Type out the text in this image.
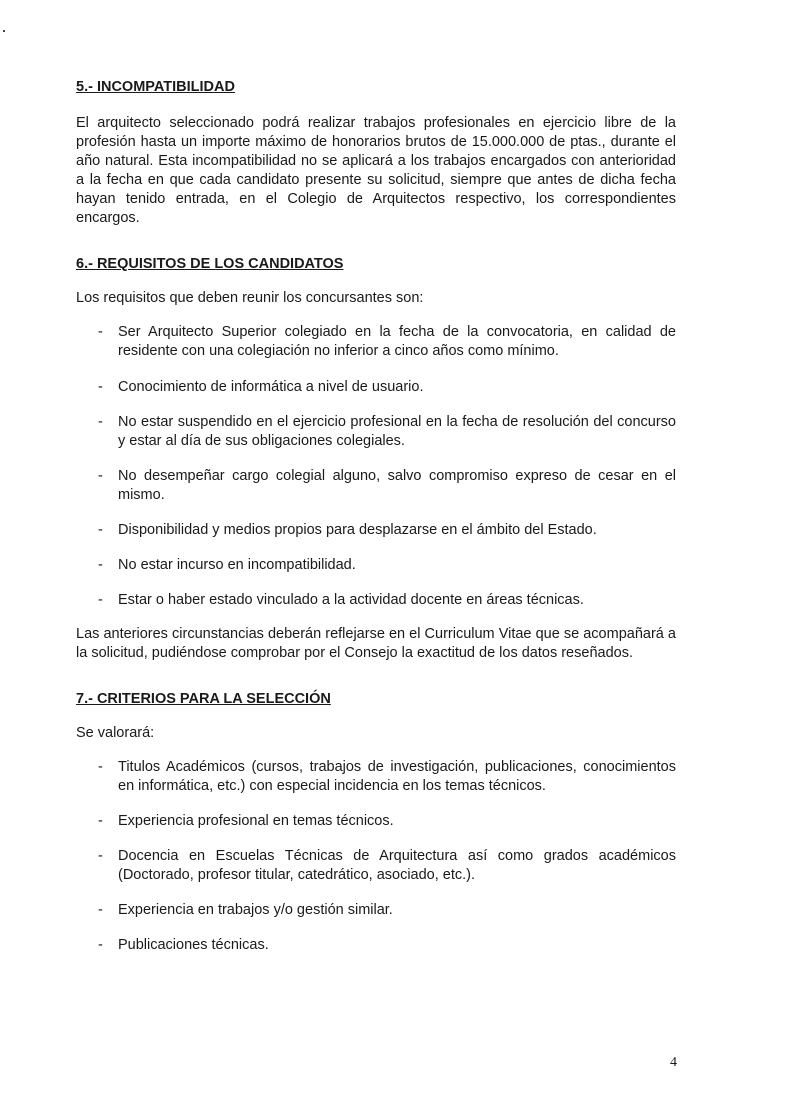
5.- INCOMPATIBILIDAD

El arquitecto seleccionado podrá realizar trabajos profesionales en ejercicio libre de la profesión hasta un importe máximo de honorarios brutos de 15.000.000 de ptas., durante el año natural. Esta incompatibilidad no se aplicará a los trabajos encargados con anterioridad a la fecha en que cada candidato presente su solicitud, siempre que antes de dicha fecha hayan tenido entrada, en el Colegio de Arquitectos respectivo, los correspondientes encargos.

6.- REQUISITOS DE LOS CANDIDATOS

Los requisitos que deben reunir los concursantes son:

- Ser Arquitecto Superior colegiado en la fecha de la convocatoria, en calidad de residente con una colegiación no inferior a cinco años como mínimo.
- Conocimiento de informática a nivel de usuario.
- No estar suspendido en el ejercicio profesional en la fecha de resolución del concurso y estar al día de sus obligaciones colegiales.
- No desempeñar cargo colegial alguno, salvo compromiso expreso de cesar en el mismo.
- Disponibilidad y medios propios para desplazarse en el ámbito del Estado.
- No estar incurso en incompatibilidad.
- Estar o haber estado vinculado a la actividad docente en áreas técnicas.

Las anteriores circunstancias deberán reflejarse en el Curriculum Vitae que se acompañará a la solicitud, pudiéndose comprobar por el Consejo la exactitud de los datos reseñados.

7.- CRITERIOS PARA LA SELECCIÓN

Se valorará:

- Titulos Académicos (cursos, trabajos de investigación, publicaciones, conocimientos en informática, etc.) con especial incidencia en los temas técnicos.
- Experiencia profesional en temas técnicos.
- Docencia en Escuelas Técnicas de Arquitectura así como grados académicos (Doctorado, profesor titular, catedrático, asociado, etc.).
- Experiencia en trabajos y/o gestión similar.
- Publicaciones técnicas.
4
